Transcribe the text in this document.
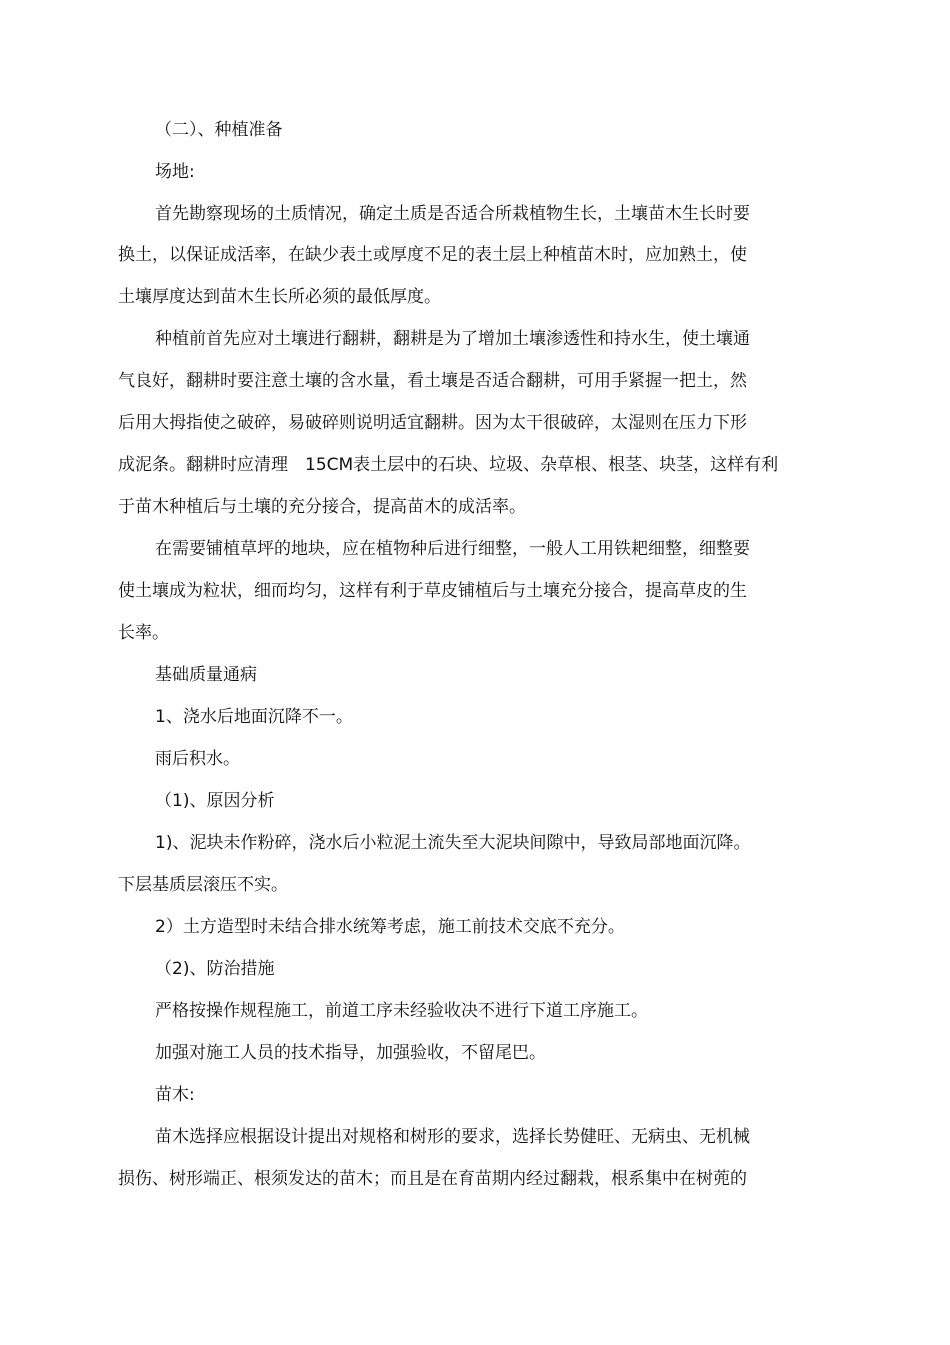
（二）、种植准备

场地:

首先勘察现场的土质情况，确定土质是否适合所栽植物生长，土壤苗木生长时要

换土，以保证成活率，在缺少表土或厚度不足的表土层上种植苗木时，应加熟土，使

土壤厚度达到苗木生长所必须的最低厚度。

种植前首先应对土壤进行翻耕，翻耕是为了增加土壤渗透性和持水生，使土壤通

气良好，翻耕时要注意土壤的含水量，看土壤是否适合翻耕，可用手紧握一把土，然

后用大拇指使之破碎，易破碎则说明适宜翻耕。因为太干很破碎，太湿则在压力下形

成泥条。翻耕时应清理　15CM表土层中的石块、垃圾、杂草根、根茎、块茎，这样有利

于苗木种植后与土壤的充分接合，提高苗木的成活率。

在需要铺植草坪的地块，应在植物种后进行细整，一般人工用铁耙细整，细整要

使土壤成为粒状，细而均匀，这样有利于草皮铺植后与土壤充分接合，提高草皮的生

长率。

基础质量通病

1、浇水后地面沉降不一。

雨后积水。

（1)、原因分析

1)、泥块未作粉碎，浇水后小粒泥土流失至大泥块间隙中，导致局部地面沉降。

下层基质层滚压不实。

2）土方造型时未结合排水统筹考虑，施工前技术交底不充分。

（2)、防治措施

严格按操作规程施工，前道工序未经验收决不进行下道工序施工。

加强对施工人员的技术指导，加强验收，不留尾巴。

苗木:

苗木选择应根据设计提出对规格和树形的要求，选择长势健旺、无病虫、无机械

损伤、树形端正、根须发达的苗木；而且是在育苗期内经过翻栽，根系集中在树蔸的
